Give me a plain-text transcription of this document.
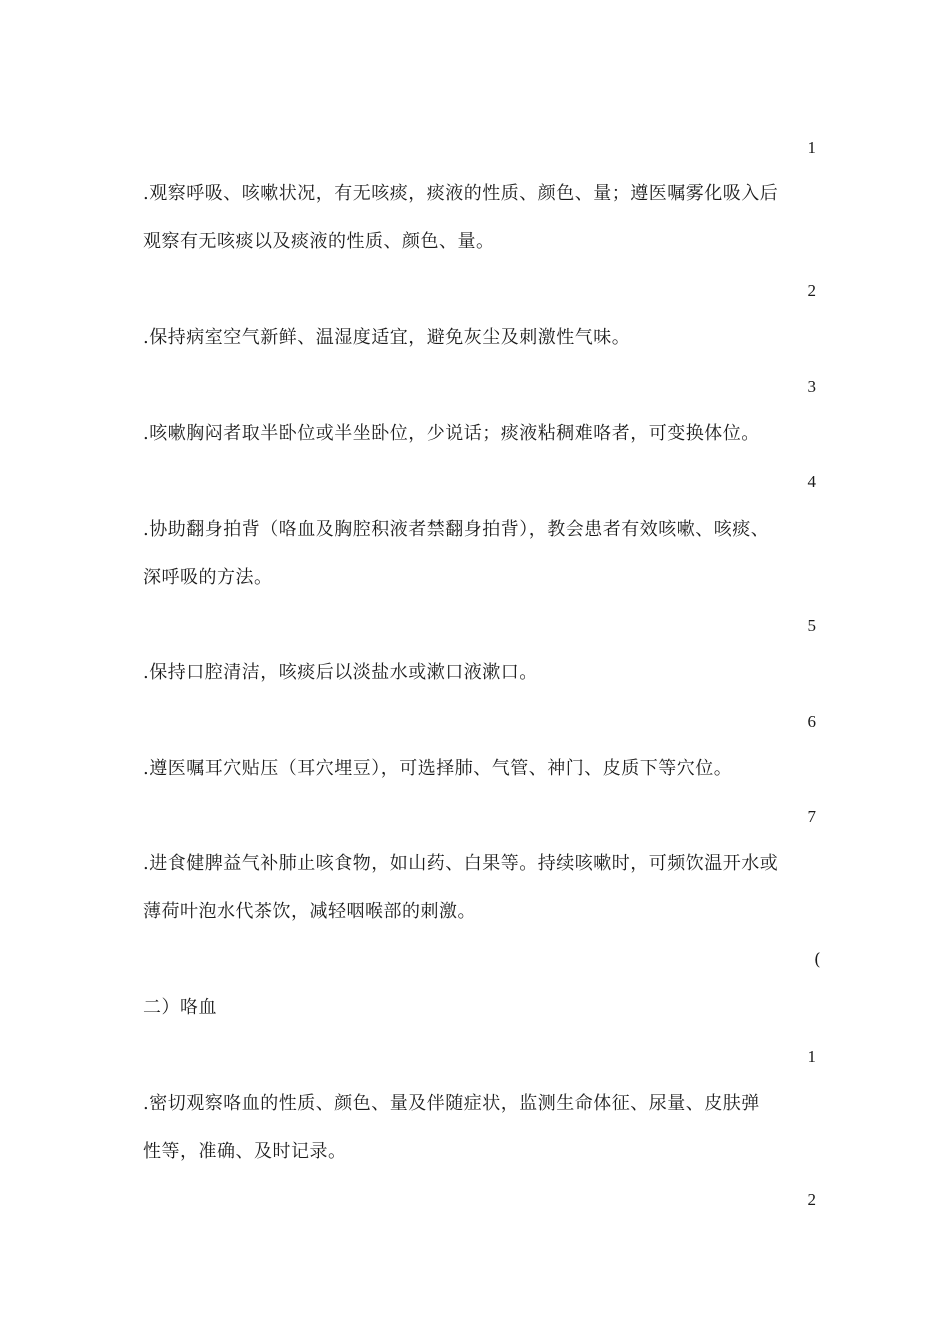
1
.观察呼吸、咳嗽状况，有无咳痰，痰液的性质、颜色、量；遵医嘱雾化吸入后
观察有无咳痰以及痰液的性质、颜色、量。
2
.保持病室空气新鲜、温湿度适宜，避免灰尘及刺激性气味。
3
.咳嗽胸闷者取半卧位或半坐卧位，少说话；痰液粘稠难咯者，可变换体位。
4
.协助翻身拍背（咯血及胸腔积液者禁翻身拍背），教会患者有效咳嗽、咳痰、
深呼吸的方法。
5
.保持口腔清洁，咳痰后以淡盐水或漱口液漱口。
6
.遵医嘱耳穴贴压（耳穴埋豆），可选择肺、气管、神门、皮质下等穴位。
7
.进食健脾益气补肺止咳食物，如山药、白果等。持续咳嗽时，可频饮温开水或
薄荷叶泡水代茶饮，减轻咽喉部的刺激。
(
二）咯血
1
.密切观察咯血的性质、颜色、量及伴随症状，监测生命体征、尿量、皮肤弹
性等，准确、及时记录。
2
